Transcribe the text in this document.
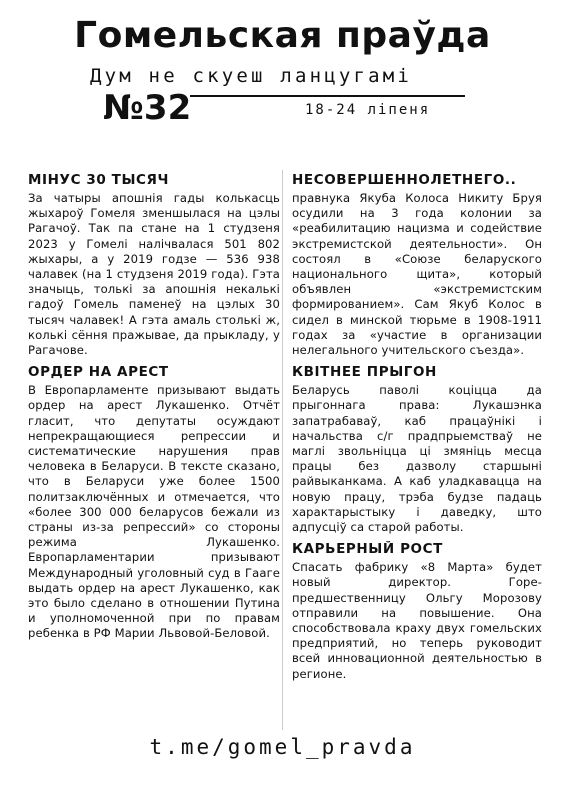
Гомельская праўда
Дум не скуеш ланцугамі
№32	18-24 ліпеня
МІНУС 30 ТЫСЯЧ

За чатыры апошнія гады колькасць жыхароў Гомеля зменшылася на цэлы Рагачоў. Так па стане на 1 студзеня 2023 у Гомелі налічвалася 501 802 жыхары, а у 2019 годзе — 536 938 чалавек (на 1 студзеня 2019 года). Гэта значыць, толькі за апошнія некалькі гадоў Гомель паменеў на цэлых 30 тысяч чалавек! А гэта амаль столькі ж, колькі сёння пражывае, да прыкладу, у Рагачове.

ОРДЕР НА АРЕСТ

В Европарламенте призывают выдать ордер на арест Лукашенко. Отчёт гласит, что депутаты осуждают непрекращающиеся репрессии и систематические нарушения прав человека в Беларуси. В тексте сказано, что в Беларуси уже более 1500 политзаключённых и отмечается, что «более 300 000 беларусов бежали из страны из-за репрессий» со стороны режима Лукашенко. Европарламентарии призывают Международный уголовный суд в Гааге выдать ордер на арест Лукашенко, как это было сделано в отношении Путина и уполномоченной при по правам ребенка в РФ Марии Львовой-Беловой.

НЕСОВЕРШЕННОЛЕТНЕГО..

правнука Якуба Колоса Никиту Бруя осудили на 3 года колонии за «реабилитацию нацизма и содействие экстремистской деятельности». Он состоял в «Союзе беларуского национального щита», который объявлен «экстремистским формированием». Сам Якуб Колос в сидел в минской тюрьме в 1908-1911 годах за «участие в организации нелегального учительского съезда».

КВІТНЕЕ ПРЫГОН

Беларусь паволі коціцца да прыгоннага права: Лукашэнка запатрабаваў, каб працаўнікі і начальства с/г прадпрыемстваў не маглі звольніцца ці змяніць месца працы без дазволу старшыні райвыканкама. А каб уладкавацца на новую працу, трэба будзе падаць характарыстыку і даведку, што адпусціў са старой работы.

КАРЬЕРНЫЙ РОСТ

Спасать фабрику «8 Марта» будет новый директор. Горе-предшественницу Ольгу Морозову отправили на повышение. Она способствовала краху двух гомельских предприятий, но теперь руководит всей инновационной деятельностью в регионе.

t.me/gomel_pravda
